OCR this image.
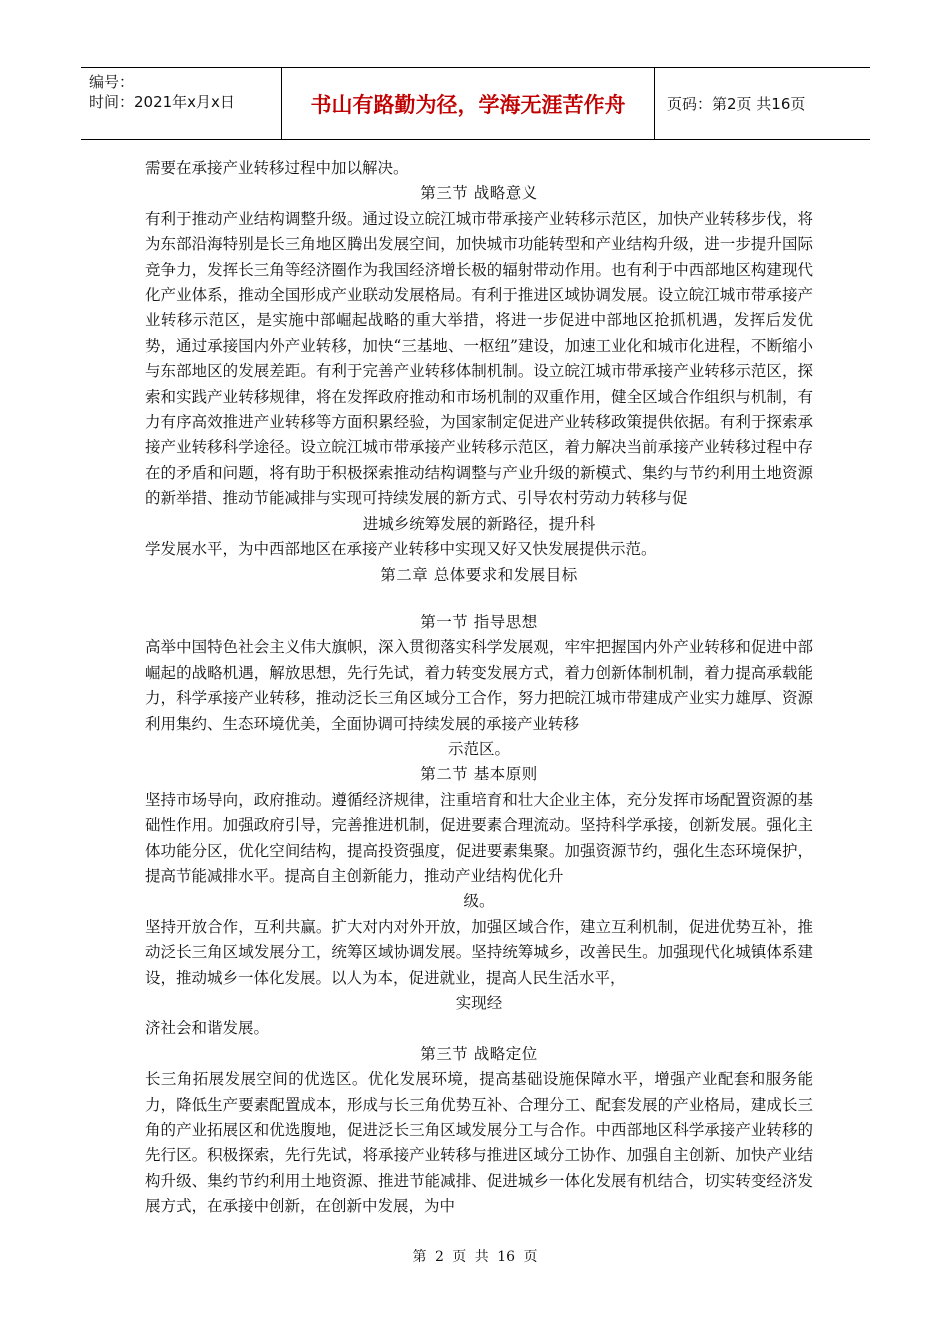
编号：
时间：2021年x月x日	书山有路勤为径，学海无涯苦作舟	页码：第2页 共16页

需要在承接产业转移过程中加以解决。

第三节 战略意义

有利于推动产业结构调整升级。通过设立皖江城市带承接产业转移示范区，加快产业转移步伐，将为东部沿海特别是长三角地区腾出发展空间，加快城市功能转型和产业结构升级，进一步提升国际竞争力，发挥长三角等经济圈作为我国经济增长极的辐射带动作用。也有利于中西部地区构建现代化产业体系，推动全国形成产业联动发展格局。有利于推进区域协调发展。设立皖江城市带承接产业转移示范区，是实施中部崛起战略的重大举措，将进一步促进中部地区抢抓机遇，发挥后发优势，通过承接国内外产业转移，加快“三基地、一枢纽”建设，加速工业化和城市化进程，不断缩小与东部地区的发展差距。有利于完善产业转移体制机制。设立皖江城市带承接产业转移示范区，探索和实践产业转移规律，将在发挥政府推动和市场机制的双重作用，健全区域合作组织与机制，有力有序高效推进产业转移等方面积累经验，为国家制定促进产业转移政策提供依据。有利于探索承接产业转移科学途径。设立皖江城市带承接产业转移示范区，着力解决当前承接产业转移过程中存在的矛盾和问题，将有助于积极探索推动结构调整与产业升级的新模式、集约与节约利用土地资源的新举措、推动节能减排与实现可持续发展的新方式、引导农村劳动力转移与促

进城乡统筹发展的新路径，提升科

学发展水平，为中西部地区在承接产业转移中实现又好又快发展提供示范。

第二章 总体要求和发展目标

第一节 指导思想

高举中国特色社会主义伟大旗帜，深入贯彻落实科学发展观，牢牢把握国内外产业转移和促进中部崛起的战略机遇，解放思想，先行先试，着力转变发展方式，着力创新体制机制，着力提高承载能力，科学承接产业转移，推动泛长三角区域分工合作，努力把皖江城市带建成产业实力雄厚、资源利用集约、生态环境优美，全面协调可持续发展的承接产业转移

示范区。

第二节 基本原则

坚持市场导向，政府推动。遵循经济规律，注重培育和壮大企业主体，充分发挥市场配置资源的基础性作用。加强政府引导，完善推进机制，促进要素合理流动。坚持科学承接，创新发展。强化主体功能分区，优化空间结构，提高投资强度，促进要素集聚。加强资源节约，强化生态环境保护，提高节能减排水平。提高自主创新能力，推动产业结构优化升

级。

坚持开放合作，互利共赢。扩大对内对外开放，加强区域合作，建立互利机制，促进优势互补，推动泛长三角区域发展分工，统筹区域协调发展。坚持统筹城乡，改善民生。加强现代化城镇体系建设，推动城乡一体化发展。以人为本，促进就业，提高人民生活水平，

实现经

济社会和谐发展。

第三节 战略定位

长三角拓展发展空间的优选区。优化发展环境，提高基础设施保障水平，增强产业配套和服务能力，降低生产要素配置成本，形成与长三角优势互补、合理分工、配套发展的产业格局，建成长三角的产业拓展区和优选腹地，促进泛长三角区域发展分工与合作。中西部地区科学承接产业转移的先行区。积极探索，先行先试，将承接产业转移与推进区域分工协作、加强自主创新、加快产业结构升级、集约节约利用土地资源、推进节能减排、促进城乡一体化发展有机结合，切实转变经济发展方式，在承接中创新，在创新中发展，为中

第 2 页 共 16 页
